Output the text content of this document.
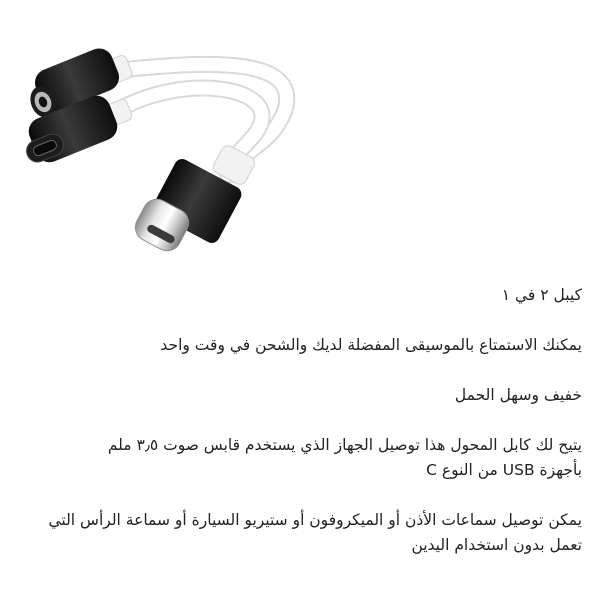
كيبل ٢ في ١

يمكنك الاستمتاع بالموسيقى المفضلة لديك والشحن في وقت واحد

خفيف وسهل الحمل

يتيح لك كابل المحول هذا توصيل الجهاز الذي يستخدم قابس صوت ٣٫٥ ملم

بأجهزة USB من النوع C

يمكن توصيل سماعات الأذن أو الميكروفون أو ستيريو السيارة أو سماعة الرأس التي

تعمل بدون استخدام اليدين
